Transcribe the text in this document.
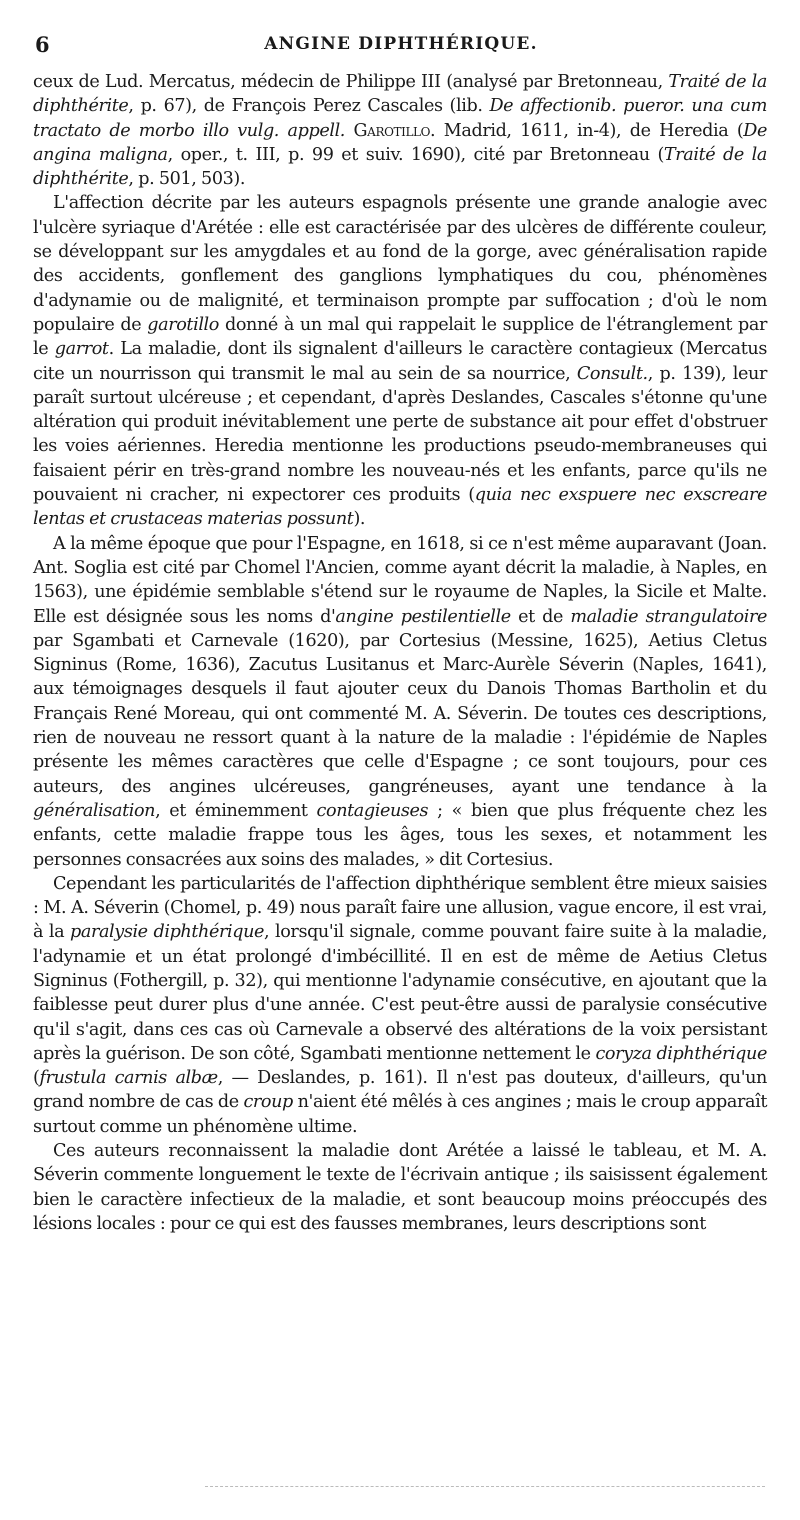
6	ANGINE DIPHTHÉRIQUE.

ceux de Lud. Mercatus, médecin de Philippe III (analysé par Bretonneau, Traité de la diphthérite, p. 67), de François Perez Cascales (lib. De affectionib. pueror. una cum tractato de morbo illo vulg. appell. Garotillo. Madrid, 1611, in-4), de Heredia (De angina maligna, oper., t. III, p. 99 et suiv. 1690), cité par Bretonneau (Traité de la diphthérite, p. 501, 503).

L'affection décrite par les auteurs espagnols présente une grande analogie avec l'ulcère syriaque d'Arétée : elle est caractérisée par des ulcères de différente couleur, se développant sur les amygdales et au fond de la gorge, avec généralisation rapide des accidents, gonflement des ganglions lymphatiques du cou, phénomènes d'adynamie ou de malignité, et terminaison prompte par suffocation ; d'où le nom populaire de garotillo donné à un mal qui rappelait le supplice de l'étranglement par le garrot. La maladie, dont ils signalent d'ailleurs le caractère contagieux (Mercatus cite un nourrisson qui transmit le mal au sein de sa nourrice, Consult., p. 139), leur paraît surtout ulcéreuse ; et cependant, d'après Deslandes, Cascales s'étonne qu'une altération qui produit inévitablement une perte de substance ait pour effet d'obstruer les voies aériennes. Heredia mentionne les productions pseudo-membraneuses qui faisaient périr en très-grand nombre les nouveau-nés et les enfants, parce qu'ils ne pouvaient ni cracher, ni expectorer ces produits (quia nec exspuere nec exscreare lentas et crustaceas materias possunt).

A la même époque que pour l'Espagne, en 1618, si ce n'est même auparavant (Joan. Ant. Soglia est cité par Chomel l'Ancien, comme ayant décrit la maladie, à Naples, en 1563), une épidémie semblable s'étend sur le royaume de Naples, la Sicile et Malte. Elle est désignée sous les noms d'angine pestilentielle et de maladie strangulatoire par Sgambati et Carnevale (1620), par Cortesius (Messine, 1625), Aetius Cletus Signinus (Rome, 1636), Zacutus Lusitanus et Marc-Aurèle Séverin (Naples, 1641), aux témoignages desquels il faut ajouter ceux du Danois Thomas Bartholin et du Français René Moreau, qui ont commenté M. A. Séverin. De toutes ces descriptions, rien de nouveau ne ressort quant à la nature de la maladie : l'épidémie de Naples présente les mêmes caractères que celle d'Espagne ; ce sont toujours, pour ces auteurs, des angines ulcéreuses, gangréneuses, ayant une tendance à la généralisation, et éminemment contagieuses ; « bien que plus fréquente chez les enfants, cette maladie frappe tous les âges, tous les sexes, et notamment les personnes consacrées aux soins des malades, » dit Cortesius.

Cependant les particularités de l'affection diphthérique semblent être mieux saisies : M. A. Séverin (Chomel, p. 49) nous paraît faire une allusion, vague encore, il est vrai, à la paralysie diphthérique, lorsqu'il signale, comme pouvant faire suite à la maladie, l'adynamie et un état prolongé d'imbécillité. Il en est de même de Aetius Cletus Signinus (Fothergill, p. 32), qui mentionne l'adynamie consécutive, en ajoutant que la faiblesse peut durer plus d'une année. C'est peut-être aussi de paralysie consécutive qu'il s'agit, dans ces cas où Carnevale a observé des altérations de la voix persistant après la guérison. De son côté, Sgambati mentionne nettement le coryza diphthérique (frustula carnis albæ, — Deslandes, p. 161). Il n'est pas douteux, d'ailleurs, qu'un grand nombre de cas de croup n'aient été mêlés à ces angines ; mais le croup apparaît surtout comme un phénomène ultime.

Ces auteurs reconnaissent la maladie dont Arétée a laissé le tableau, et M. A. Séverin commente longuement le texte de l'écrivain antique ; ils saisissent également bien le caractère infectieux de la maladie, et sont beaucoup moins préoccupés des lésions locales : pour ce qui est des fausses membranes, leurs descriptions sont
